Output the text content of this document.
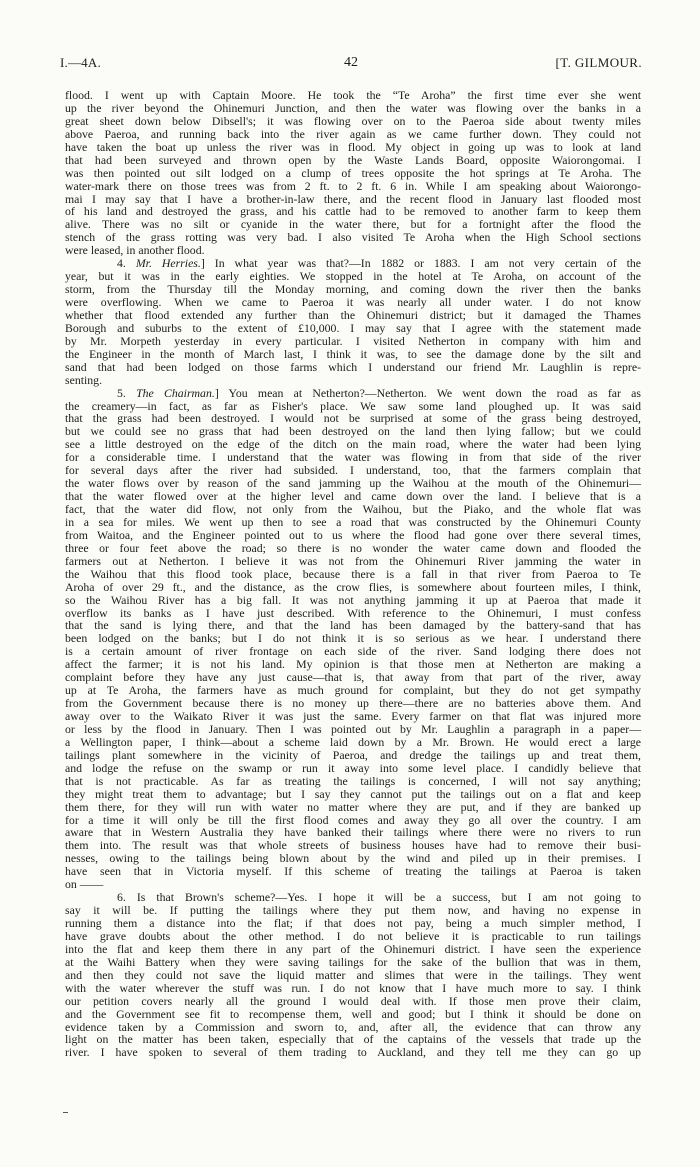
I.—4A.	42	[T. GILMOUR.
flood. I went up with Captain Moore. He took the “Te Aroha” the first time ever she went
up the river beyond the Ohinemuri Junction, and then the water was flowing over the banks in a
great sheet down below Dibsell's; it was flowing over on to the Paeroa side about twenty miles
above Paeroa, and running back into the river again as we came further down. They could not
have taken the boat up unless the river was in flood. My object in going up was to look at land
that had been surveyed and thrown open by the Waste Lands Board, opposite Waiorongomai. I
was then pointed out silt lodged on a clump of trees opposite the hot springs at Te Aroha. The
water-mark there on those trees was from 2 ft. to 2 ft. 6 in. While I am speaking about Waiorongo-
mai I may say that I have a brother-in-law there, and the recent flood in January last flooded most
of his land and destroyed the grass, and his cattle had to be removed to another farm to keep them
alive. There was no silt or cyanide in the water there, but for a fortnight after the flood the
stench of the grass rotting was very bad. I also visited Te Aroha when the High School sections
were leased, in another flood.
4. Mr. Herries.] In what year was that?—In 1882 or 1883. I am not very certain of the
year, but it was in the early eighties. We stopped in the hotel at Te Aroha, on account of the
storm, from the Thursday till the Monday morning, and coming down the river then the banks
were overflowing. When we came to Paeroa it was nearly all under water. I do not know
whether that flood extended any further than the Ohinemuri district; but it damaged the Thames
Borough and suburbs to the extent of £10,000. I may say that I agree with the statement made
by Mr. Morpeth yesterday in every particular. I visited Netherton in company with him and
the Engineer in the month of March last, I think it was, to see the damage done by the silt and
sand that had been lodged on those farms which I understand our friend Mr. Laughlin is repre-
senting.
5. The Chairman.] You mean at Netherton?—Netherton. We went down the road as far as
the creamery—in fact, as far as Fisher's place. We saw some land ploughed up. It was said
that the grass had been destroyed. I would not be surprised at some of the grass being destroyed,
but we could see no grass that had been destroyed on the land then lying fallow; but we could
see a little destroyed on the edge of the ditch on the main road, where the water had been lying
for a considerable time. I understand that the water was flowing in from that side of the river
for several days after the river had subsided. I understand, too, that the farmers complain that
the water flows over by reason of the sand jamming up the Waihou at the mouth of the Ohinemuri—
that the water flowed over at the higher level and came down over the land. I believe that is a
fact, that the water did flow, not only from the Waihou, but the Piako, and the whole flat was
in a sea for miles. We went up then to see a road that was constructed by the Ohinemuri County
from Waitoa, and the Engineer pointed out to us where the flood had gone over there several times,
three or four feet above the road; so there is no wonder the water came down and flooded the
farmers out at Netherton. I believe it was not from the Ohinemuri River jamming the water in
the Waihou that this flood took place, because there is a fall in that river from Paeroa to Te
Aroha of over 29 ft., and the distance, as the crow flies, is somewhere about fourteen miles, I think,
so the Waihou River has a big fall. It was not anything jamming it up at Paeroa that made it
overflow its banks as I have just described. With reference to the Ohinemuri, I must confess
that the sand is lying there, and that the land has been damaged by the battery-sand that has
been lodged on the banks; but I do not think it is so serious as we hear. I understand there
is a certain amount of river frontage on each side of the river. Sand lodging there does not
affect the farmer; it is not his land. My opinion is that those men at Netherton are making a
complaint before they have any just cause—that is, that away from that part of the river, away
up at Te Aroha, the farmers have as much ground for complaint, but they do not get sympathy
from the Government because there is no money up there—there are no batteries above them. And
away over to the Waikato River it was just the same. Every farmer on that flat was injured more
or less by the flood in January. Then I was pointed out by Mr. Laughlin a paragraph in a paper—
a Wellington paper, I think—about a scheme laid down by a Mr. Brown. He would erect a large
tailings plant somewhere in the vicinity of Paeroa, and dredge the tailings up and treat them,
and lodge the refuse on the swamp or run it away into some level place. I candidly believe that
that is not practicable. As far as treating the tailings is concerned, I will not say anything;
they might treat them to advantage; but I say they cannot put the tailings out on a flat and keep
them there, for they will run with water no matter where they are put, and if they are banked up
for a time it will only be till the first flood comes and away they go all over the country. I am
aware that in Western Australia they have banked their tailings where there were no rivers to run
them into. The result was that whole streets of business houses have had to remove their busi-
nesses, owing to the tailings being blown about by the wind and piled up in their premises. I
have seen that in Victoria myself. If this scheme of treating the tailings at Paeroa is taken
on ——
6. Is that Brown's scheme?—Yes. I hope it will be a success, but I am not going to
say it will be. If putting the tailings where they put them now, and having no expense in
running them a distance into the flat; if that does not pay, being a much simpler method, I
have grave doubts about the other method. I do not believe it is practicable to run tailings
into the flat and keep them there in any part of the Ohinemuri district. I have seen the experience
at the Waihi Battery when they were saving tailings for the sake of the bullion that was in them,
and then they could not save the liquid matter and slimes that were in the tailings. They went
with the water wherever the stuff was run. I do not know that I have much more to say. I think
our petition covers nearly all the ground I would deal with. If those men prove their claim,
and the Government see fit to recompense them, well and good; but I think it should be done on
evidence taken by a Commission and sworn to, and, after all, the evidence that can throw any
light on the matter has been taken, especially that of the captains of the vessels that trade up the
river. I have spoken to several of them trading to Auckland, and they tell me they can go up
